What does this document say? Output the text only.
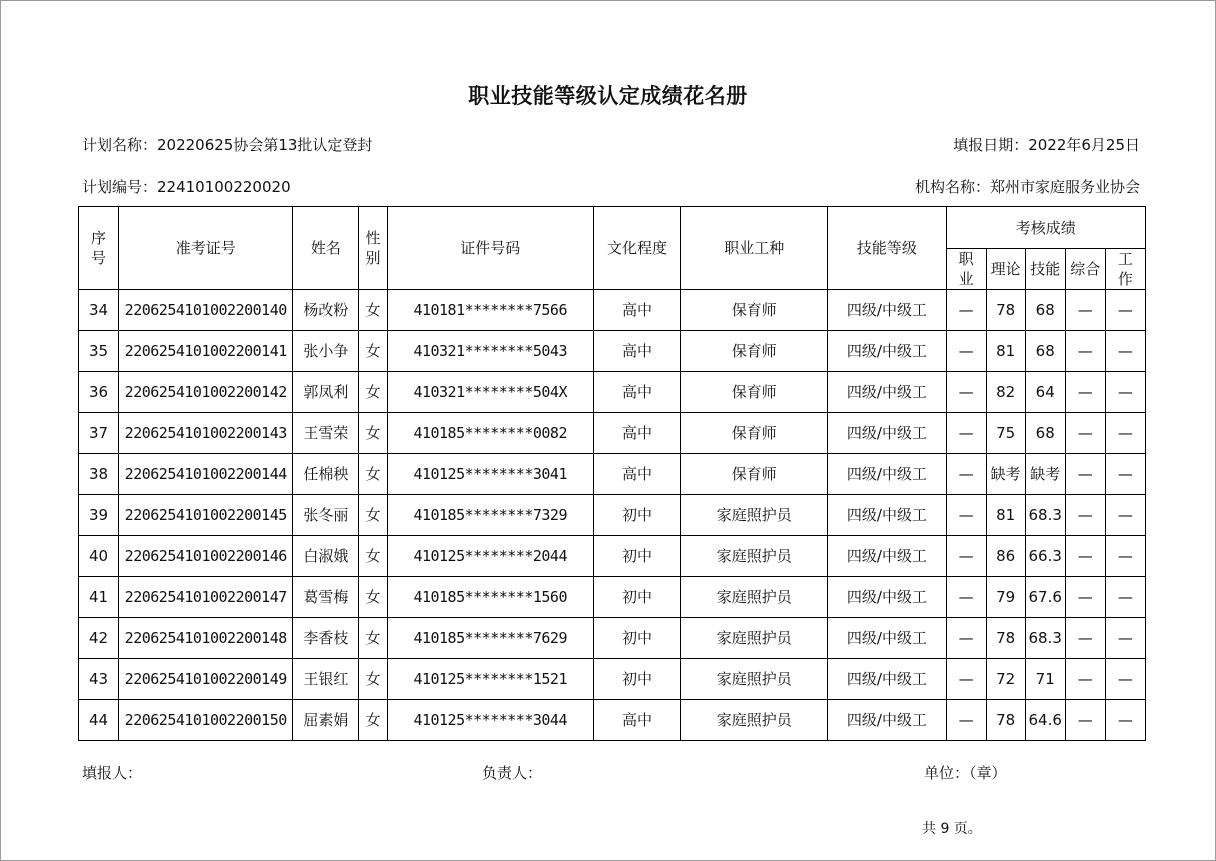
职业技能等级认定成绩花名册
计划名称：20220625协会第13批认定登封	填报日期：2022年6月25日
计划编号：22410100220020	机构名称：郑州市家庭服务业协会
序号	准考证号	姓名	性别	证件号码	文化程度	职业工种	技能等级	考核成绩				
								职业	理论	技能	综合	工作
34	2206254101002200140	杨改粉	女	410181********7566	高中	保育师	四级/中级工	—	78	68	—	—
35	2206254101002200141	张小争	女	410321********5043	高中	保育师	四级/中级工	—	81	68	—	—
36	2206254101002200142	郭凤利	女	410321********504X	高中	保育师	四级/中级工	—	82	64	—	—
37	2206254101002200143	王雪荣	女	410185********0082	高中	保育师	四级/中级工	—	75	68	—	—
38	2206254101002200144	任棉秧	女	410125********3041	高中	保育师	四级/中级工	—	缺考	缺考	—	—
39	2206254101002200145	张冬丽	女	410185********7329	初中	家庭照护员	四级/中级工	—	81	68.3	—	—
40	2206254101002200146	白淑娥	女	410125********2044	初中	家庭照护员	四级/中级工	—	86	66.3	—	—
41	2206254101002200147	葛雪梅	女	410185********1560	初中	家庭照护员	四级/中级工	—	79	67.6	—	—
42	2206254101002200148	李香枝	女	410185********7629	初中	家庭照护员	四级/中级工	—	78	68.3	—	—
43	2206254101002200149	王银红	女	410125********1521	初中	家庭照护员	四级/中级工	—	72	71	—	—
44	2206254101002200150	屈素娟	女	410125********3044	高中	家庭照护员	四级/中级工	—	78	64.6	—	—
填报人：	负责人：	单位：（章）
共 9 页。
